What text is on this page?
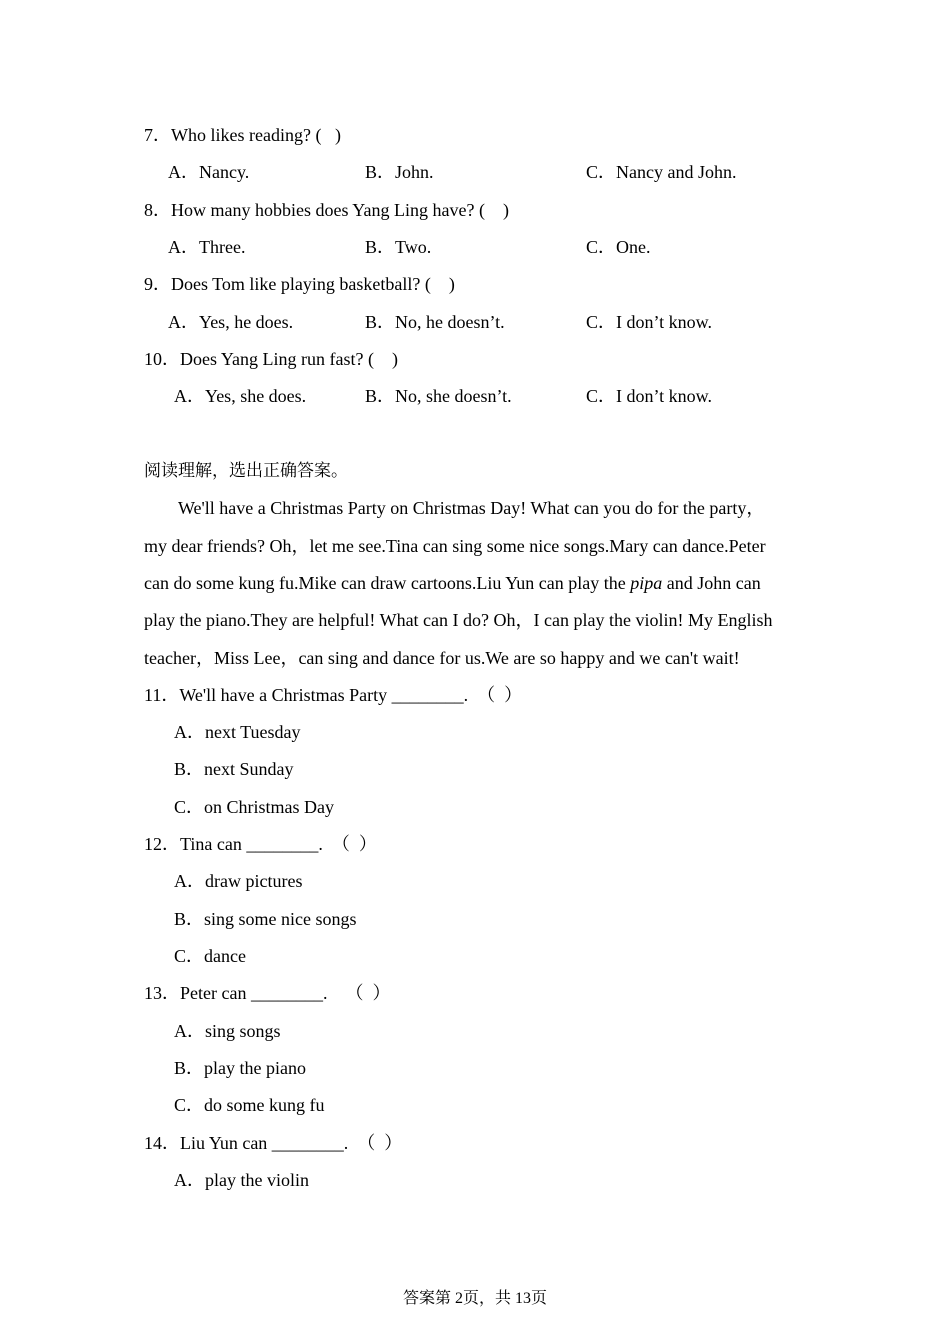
7．Who likes reading? (   )
A．Nancy.	B．John.	C．Nancy and John.
8．How many hobbies does Yang Ling have? (    )
A．Three.	B．Two.	C．One.
9．Does Tom like playing basketball? (    )
A．Yes, he does.	B．No, he doesn’t.	C．I don’t know.
10．Does Yang Ling run fast? (    )
A．Yes, she does.	B．No, she doesn’t.	C．I don’t know.
阅读理解，选出正确答案。
We'll have a Christmas Party on Christmas Day! What can you do for the party，
my dear friends? Oh，let me see.Tina can sing some nice songs.Mary can dance.Peter
can do some kung fu.Mike can draw cartoons.Liu Yun can play the pipa and John can
play the piano.They are helpful! What can I do? Oh，I can play the violin! My English
teacher，Miss Lee，can sing and dance for us.We are so happy and we can't wait!
11．We'll have a Christmas Party ________.  （  ）
A．next Tuesday
B．next Sunday
C．on Christmas Day
12．Tina can ________.  （  ）
A．draw pictures
B．sing some nice songs
C．dance
13．Peter can ________.    （  ）
A．sing songs
B．play the piano
C．do some kung fu
14．Liu Yun can ________.  （  ）
A．play the violin
答案第 2页，共 13页
